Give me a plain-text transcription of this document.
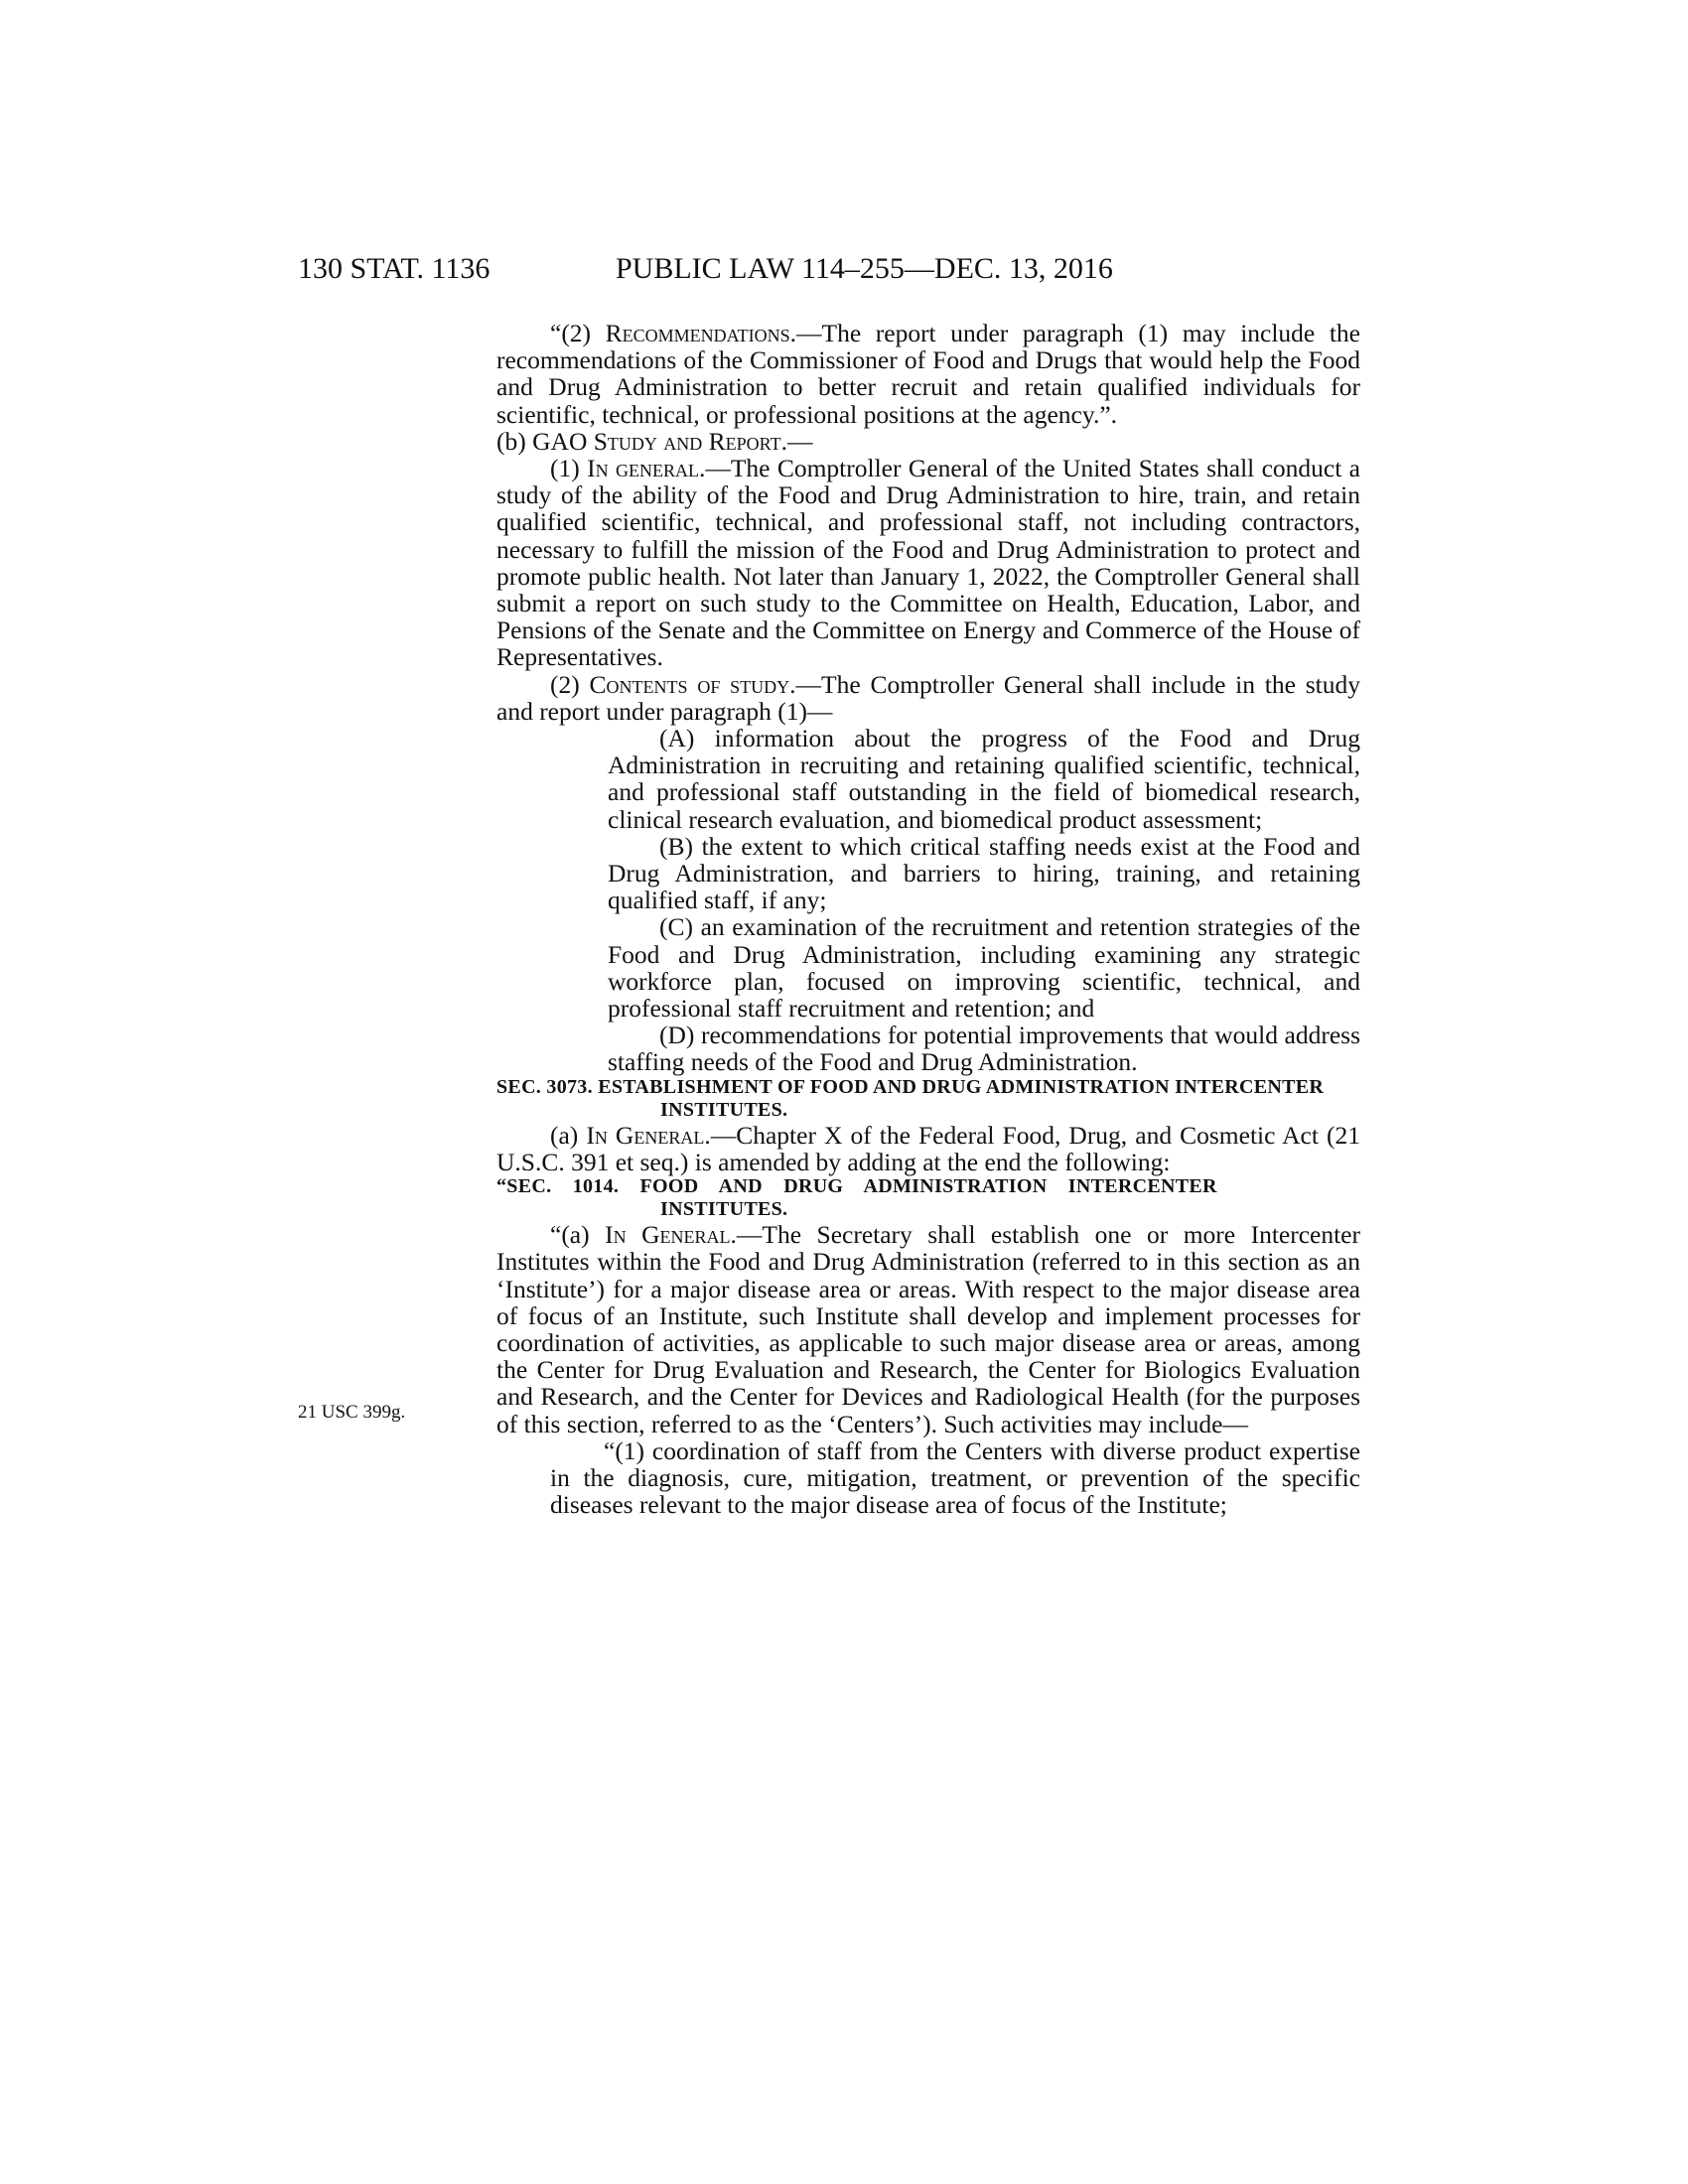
130 STAT. 1136	PUBLIC LAW 114–255—DEC. 13, 2016
21 USC 399g.

“(2) Recommendations.—The report under paragraph (1) may include the recommendations of the Commissioner of Food and Drugs that would help the Food and Drug Administration to better recruit and retain qualified individuals for scientific, technical, or professional positions at the agency.”.

(b) GAO Study and Report.—

(1) In general.—The Comptroller General of the United States shall conduct a study of the ability of the Food and Drug Administration to hire, train, and retain qualified scientific, technical, and professional staff, not including contractors, necessary to fulfill the mission of the Food and Drug Administration to protect and promote public health. Not later than January 1, 2022, the Comptroller General shall submit a report on such study to the Committee on Health, Education, Labor, and Pensions of the Senate and the Committee on Energy and Commerce of the House of Representatives.

(2) Contents of study.—The Comptroller General shall include in the study and report under paragraph (1)—

(A) information about the progress of the Food and Drug Administration in recruiting and retaining qualified scientific, technical, and professional staff outstanding in the field of biomedical research, clinical research evaluation, and biomedical product assessment;

(B) the extent to which critical staffing needs exist at the Food and Drug Administration, and barriers to hiring, training, and retaining qualified staff, if any;

(C) an examination of the recruitment and retention strategies of the Food and Drug Administration, including examining any strategic workforce plan, focused on improving scientific, technical, and professional staff recruitment and retention; and

(D) recommendations for potential improvements that would address staffing needs of the Food and Drug Administration.

SEC. 3073. ESTABLISHMENT OF FOOD AND DRUG ADMINISTRATION INTERCENTER INSTITUTES.

(a) In General.—Chapter X of the Federal Food, Drug, and Cosmetic Act (21 U.S.C. 391 et seq.) is amended by adding at the end the following:

“SEC. 1014. FOOD AND DRUG ADMINISTRATION INTERCENTER INSTITUTES.

“(a) In General.—The Secretary shall establish one or more Intercenter Institutes within the Food and Drug Administration (referred to in this section as an ‘Institute’) for a major disease area or areas. With respect to the major disease area of focus of an Institute, such Institute shall develop and implement processes for coordination of activities, as applicable to such major disease area or areas, among the Center for Drug Evaluation and Research, the Center for Biologics Evaluation and Research, and the Center for Devices and Radiological Health (for the purposes of this section, referred to as the ‘Centers’). Such activities may include—

“(1) coordination of staff from the Centers with diverse product expertise in the diagnosis, cure, mitigation, treatment, or prevention of the specific diseases relevant to the major disease area of focus of the Institute;
